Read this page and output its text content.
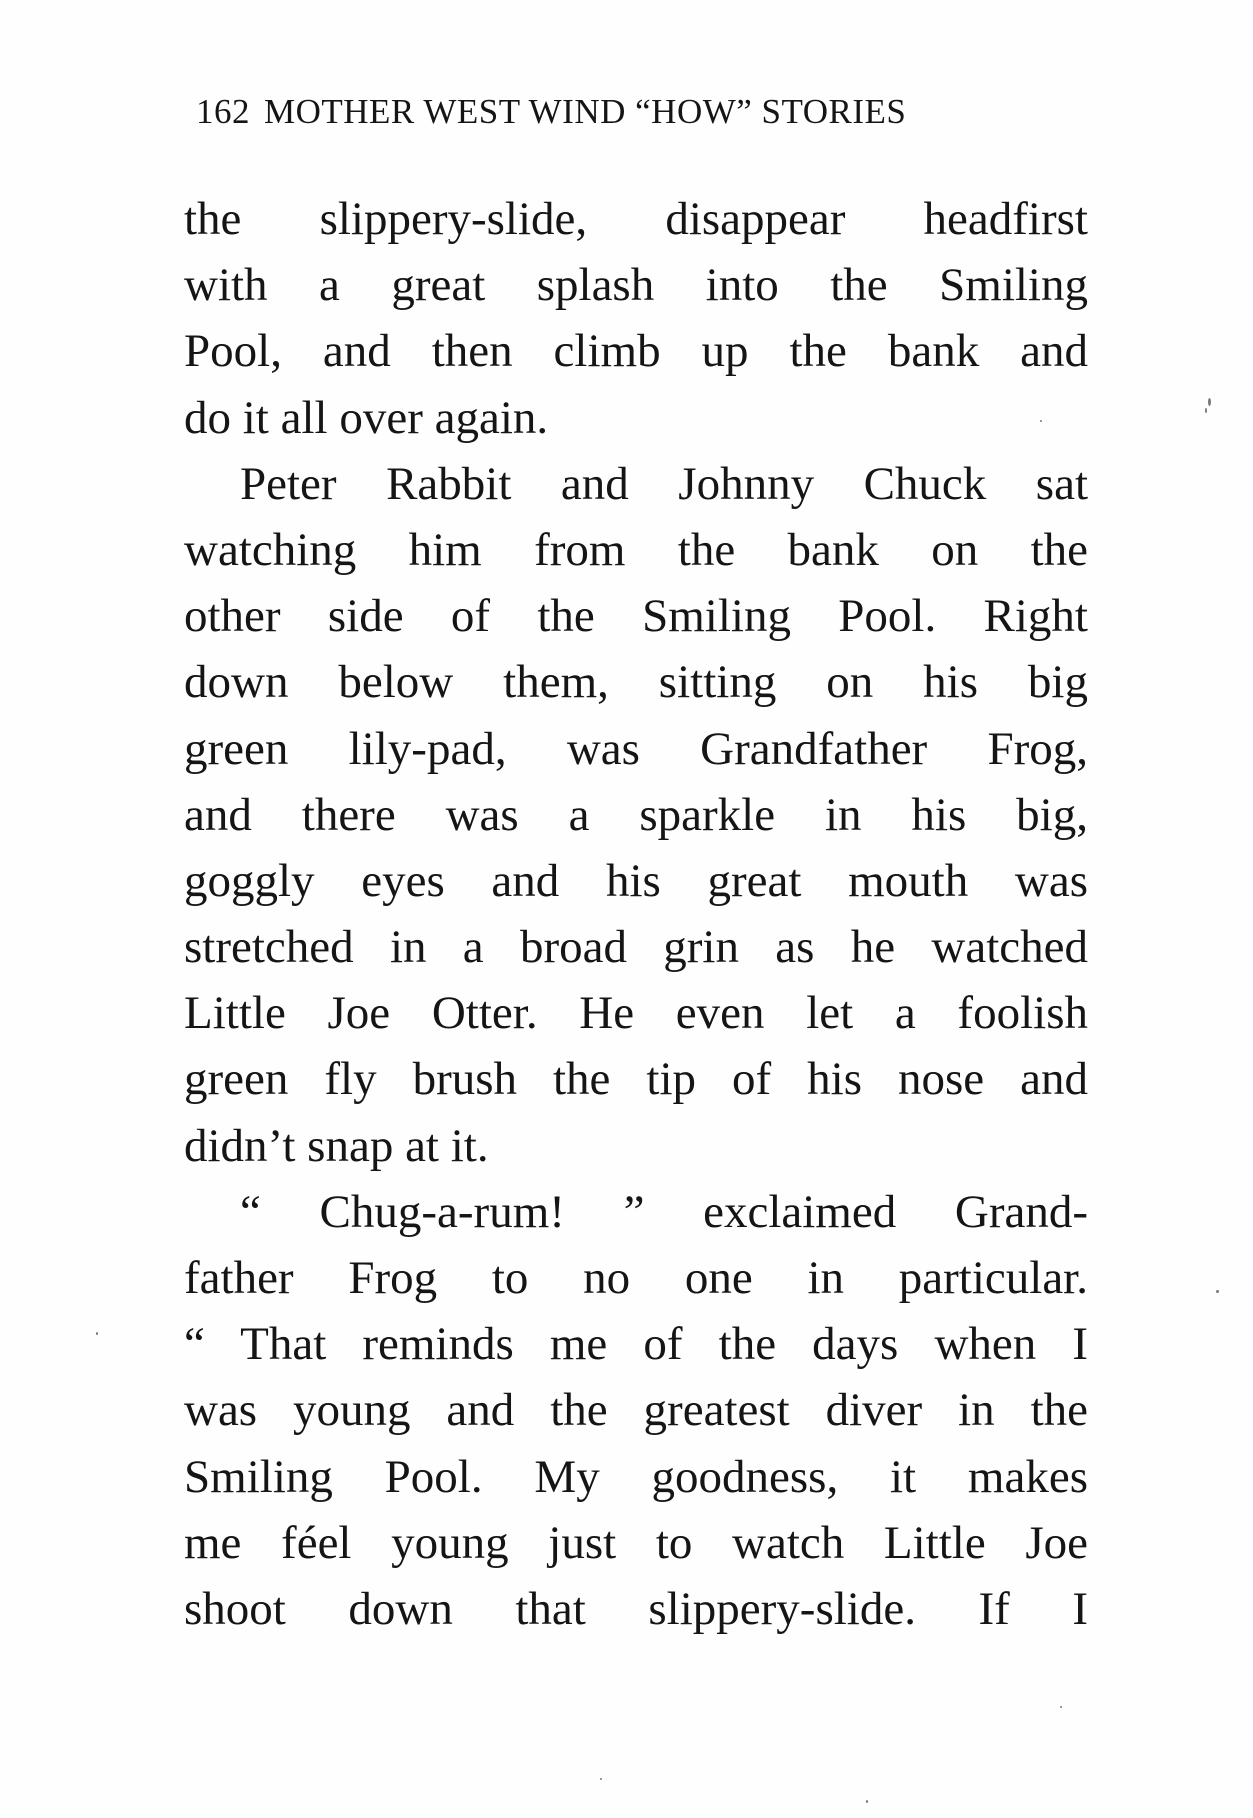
162 MOTHER WEST WIND “HOW” STORIES
the slippery-slide, disappear headfirst
with a great splash into the Smiling
Pool, and then climb up the bank and
do it all over again.
Peter Rabbit and Johnny Chuck sat
watching him from the bank on the
other side of the Smiling Pool. Right
down below them, sitting on his big
green lily-pad, was Grandfather Frog,
and there was a sparkle in his big,
goggly eyes and his great mouth was
stretched in a broad grin as he watched
Little Joe Otter. He even let a foolish
green fly brush the tip of his nose and
didn’t snap at it.
“ Chug-a-rum! ” exclaimed Grand-
father Frog to no one in particular.
“ That reminds me of the days when I
was young and the greatest diver in the
Smiling Pool. My goodness, it makes
me féel young just to watch Little Joe
shoot down that slippery-slide. If I
